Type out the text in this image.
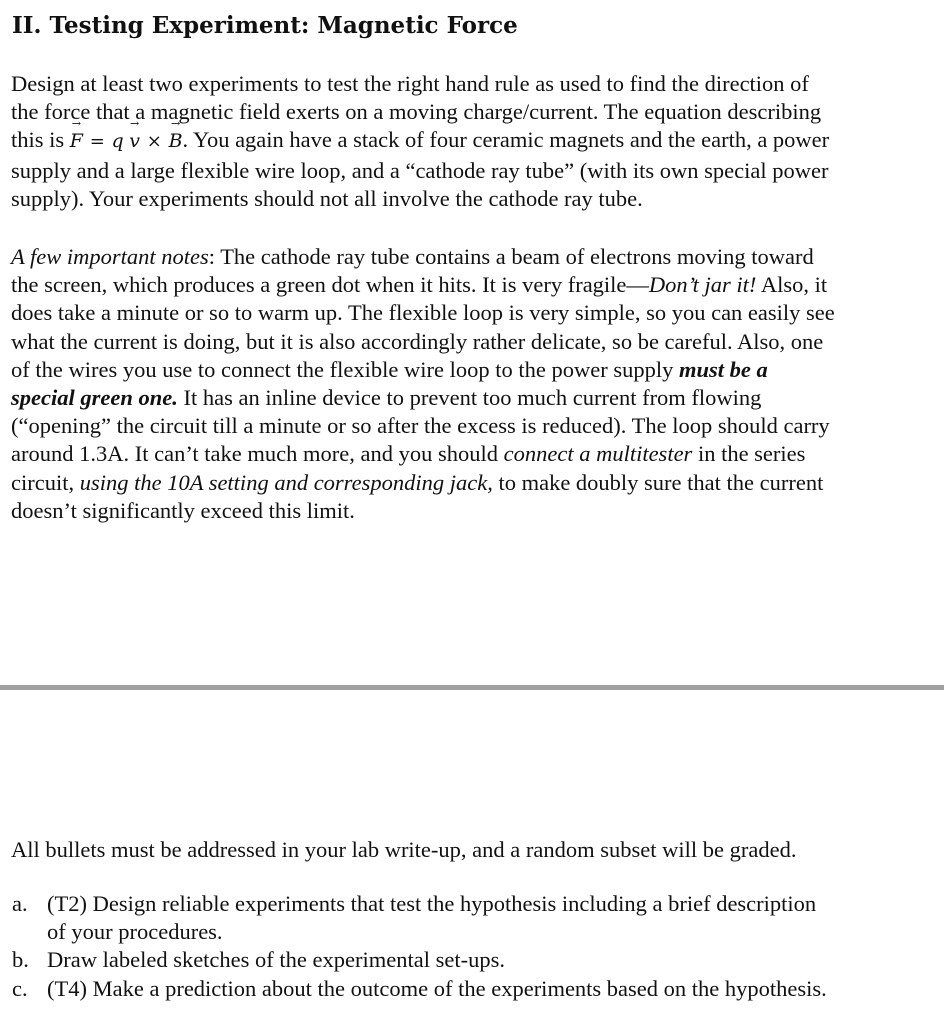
II. Testing Experiment: Magnetic Force

Design at least two experiments to test the right hand rule as used to find the direction of
the force that a magnetic field exerts on a moving charge/current. The equation describing
this is → F = q → v × → B. You again have a stack of four ceramic magnets and the earth, a power
supply and a large flexible wire loop, and a “cathode ray tube” (with its own special power
supply). Your experiments should not all involve the cathode ray tube.

A few important notes: The cathode ray tube contains a beam of electrons moving toward
the screen, which produces a green dot when it hits. It is very fragile—Don’t jar it! Also, it
does take a minute or so to warm up. The flexible loop is very simple, so you can easily see
what the current is doing, but it is also accordingly rather delicate, so be careful. Also, one
of the wires you use to connect the flexible wire loop to the power supply must be a
special green one. It has an inline device to prevent too much current from flowing
(“opening” the circuit till a minute or so after the excess is reduced). The loop should carry
around 1.3A. It can’t take much more, and you should connect a multitester in the series
circuit, using the 10A setting and corresponding jack, to make doubly sure that the current
doesn’t significantly exceed this limit.

All bullets must be addressed in your lab write-up, and a random subset will be graded.

a. (T2) Design reliable experiments that test the hypothesis including a brief description
of your procedures.
b. Draw labeled sketches of the experimental set-ups.
c. (T4) Make a prediction about the outcome of the experiments based on the hypothesis.
